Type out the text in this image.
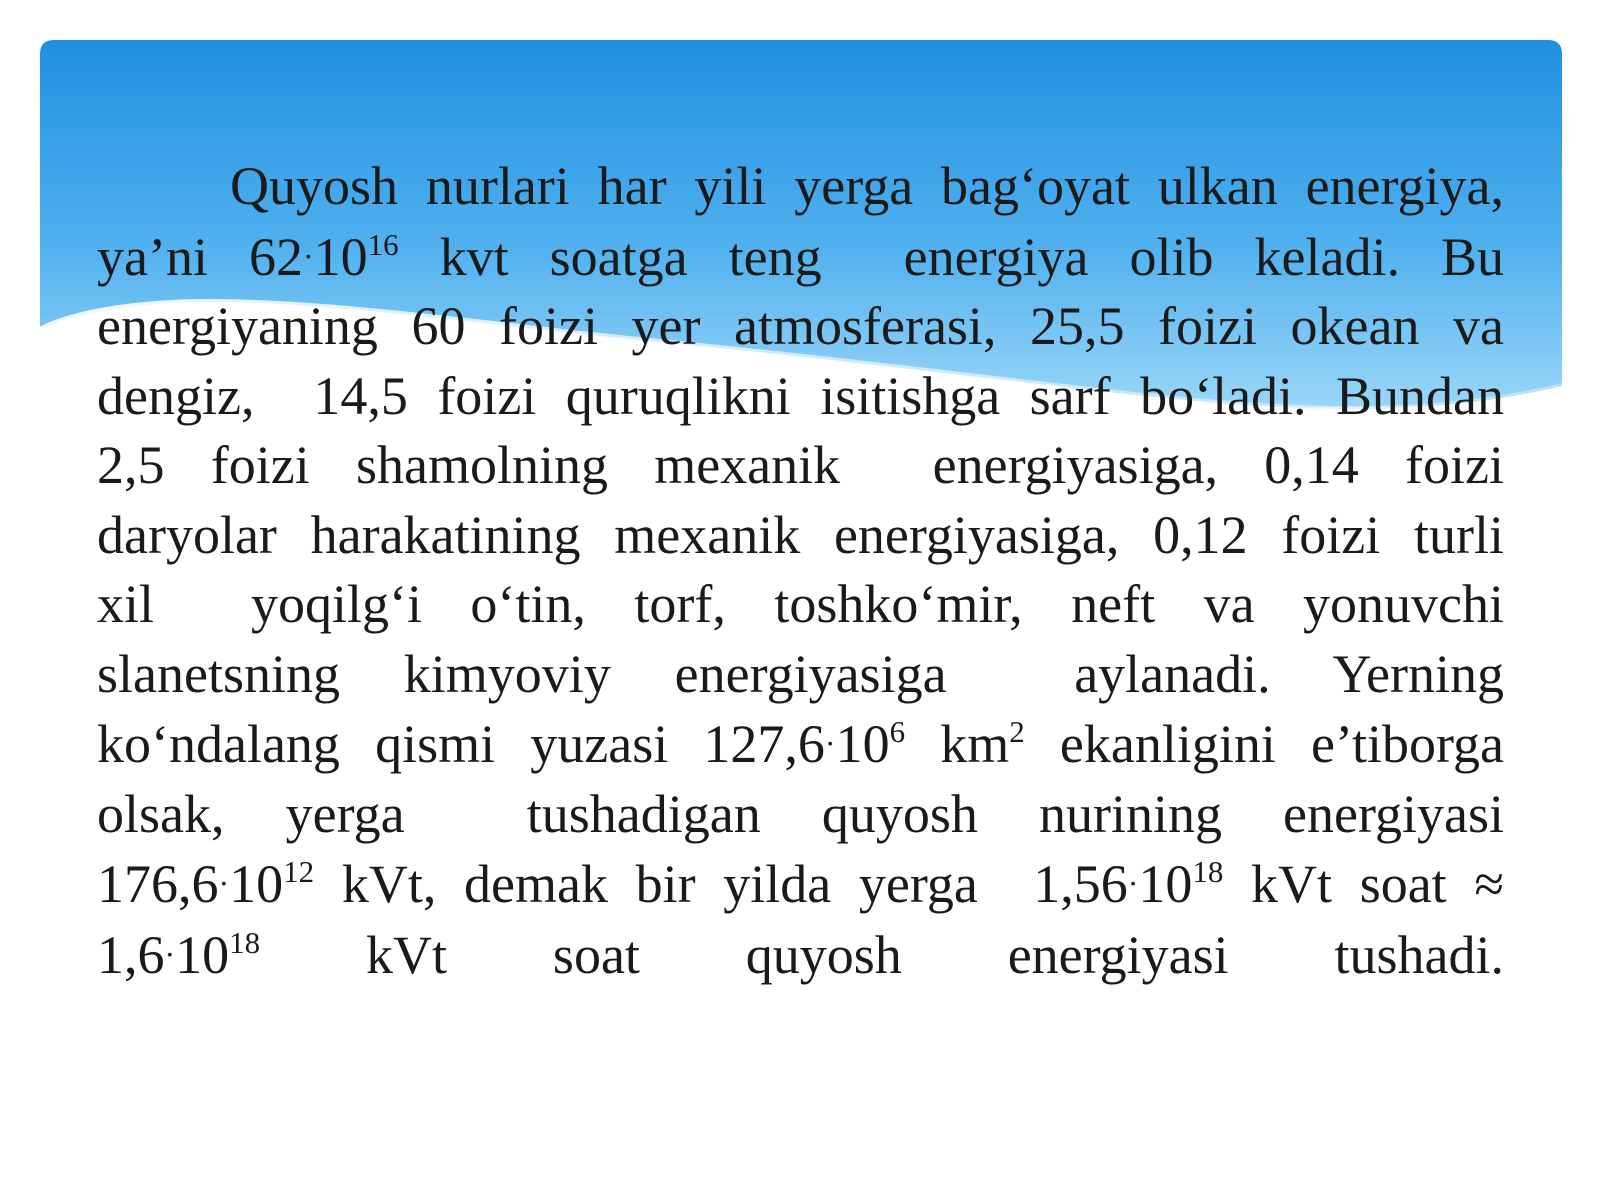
Quyosh nurlari har yili yerga bag‘oyat ulkan energiya,
ya’ni $62\cdot 10^{16}$ kvt soatga teng  energiya olib keladi. Bu
energiyaning 60 foizi yer atmosferasi, 25,5 foizi okean va
dengiz,  14,5 foizi quruqlikni isitishga sarf bo‘ladi. Bundan
2,5 foizi shamolning mexanik  energiyasiga, 0,14 foizi
daryolar harakatining mexanik energiyasiga, 0,12 foizi turli
xil  yoqilg‘i o‘tin, torf, toshko‘mir, neft va yonuvchi
slanetsning kimyoviy energiyasiga  aylanadi. Yerning
ko‘ndalang qismi yuzasi $127,6\cdot 10^6$ $km^2$ ekanligini e’tiborga
olsak, yerga  tushadigan quyosh nurining energiyasi
$176,6\cdot 10^{12}$ kVt, demak bir yilda yerga  $1,56\cdot 10^{18}$ kVt soat ≈
$1,6\cdot 10^{18}$ kVt soat quyosh energiyasi tushadi.
